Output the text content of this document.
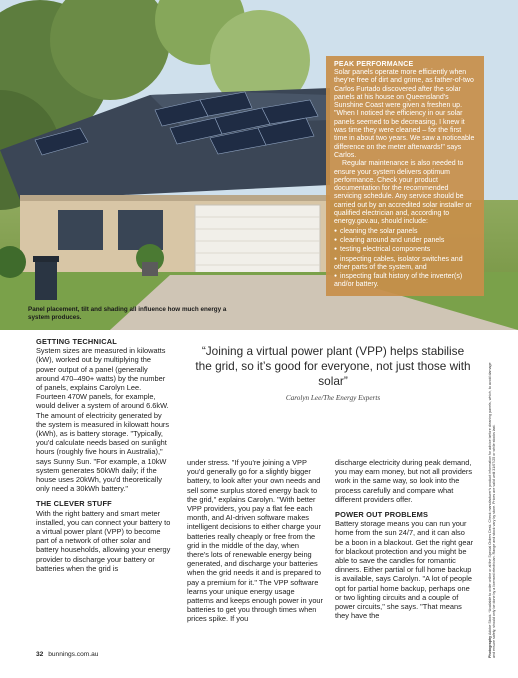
Panel placement, tilt and shading all influence how much energy a system produces.
PEAK PERFORMANCE

Solar panels operate more efficiently when they're free of dirt and grime, as father-of-two Carlos Furtado discovered after the solar panels at his house on Queensland's Sunshine Coast were given a freshen up. "When I noticed the efficiency in our solar panels seemed to be decreasing, I knew it was time they were cleaned – for the first time in about two years. We saw a noticeable difference on the meter afterwards!" says Carlos.

Regular maintenance is also needed to ensure your system delivers optimum performance. Check your product documentation for the recommended servicing schedule. Any service should be carried out by an accredited solar installer or qualified electrician and, according to energy.gov.au, should include:

● cleaning the solar panels
● clearing around and under panels
● testing electrical components
● inspecting cables, isolator switches and other parts of the system, and
● inspecting fault history of the inverter(s) and/or battery.
GETTING TECHNICAL

System sizes are measured in kilowatts (kW), worked out by multiplying the power output of a panel (generally around 470–490+ watts) by the number of panels, explains Carolyn Lee. Fourteen 470W panels, for example, would deliver a system of around 6.6kW. The amount of electricity generated by the system is measured in kilowatt hours (kWh), as is battery storage. "Typically, you'd calculate needs based on sunlight hours (roughly five hours in Australia)," says Sunny Sun. "For example, a 10kW system generates 50kWh daily; if the house uses 20kWh, you'd theoretically only need a 30kWh battery."

THE CLEVER STUFF

With the right battery and smart meter installed, you can connect your battery to a virtual power plant (VPP) to become part of a network of other solar and battery households, allowing your energy provider to discharge your battery or batteries when the grid is

“Joining a virtual power plant (VPP) helps stabilise the grid, so it’s good for everyone, not just those with solar”
Carolyn Lee/The Energy Experts

under stress. "If you're joining a VPP you'd generally go for a slightly bigger battery, to look after your own needs and sell some surplus stored energy back to the grid," explains Carolyn. "With better VPP providers, you pay a flat fee each month, and AI-driven software makes intelligent decisions to either charge your batteries really cheaply or free from the grid in the middle of the day, when there's lots of renewable energy being generated, and discharge your batteries when the grid needs it and is prepared to pay a premium for it." The VPP software learns your unique energy usage patterns and keeps enough power in your batteries to get you through times when prices spike. If you

discharge electricity during peak demand, you may earn money, but not all providers work in the same way, so look into the process carefully and compare what different providers offer.

POWER OUT PROBLEMS

Battery storage means you can run your home from the sun 24/7, and it can also be a boon in a blackout. Get the right gear for blackout protection and you might be able to save the candles for romantic dinners. Either partial or full home backup is available, says Carolyn. "A lot of people opt for partial home backup, perhaps one or two lighting circuits and a couple of power circuits," she says. "That means they have the

Photography Adobe Stock. *Available to order online or at the Special Orders Desk. Check manufacturer's product information for advice before cleaning panels, which, to avoid damage and ensure safety, should only be done by a licensed electrician. Range and stock vary by store. Prices are valid until 31/07/25 or while stocks last.
32 bunnings.com.au
